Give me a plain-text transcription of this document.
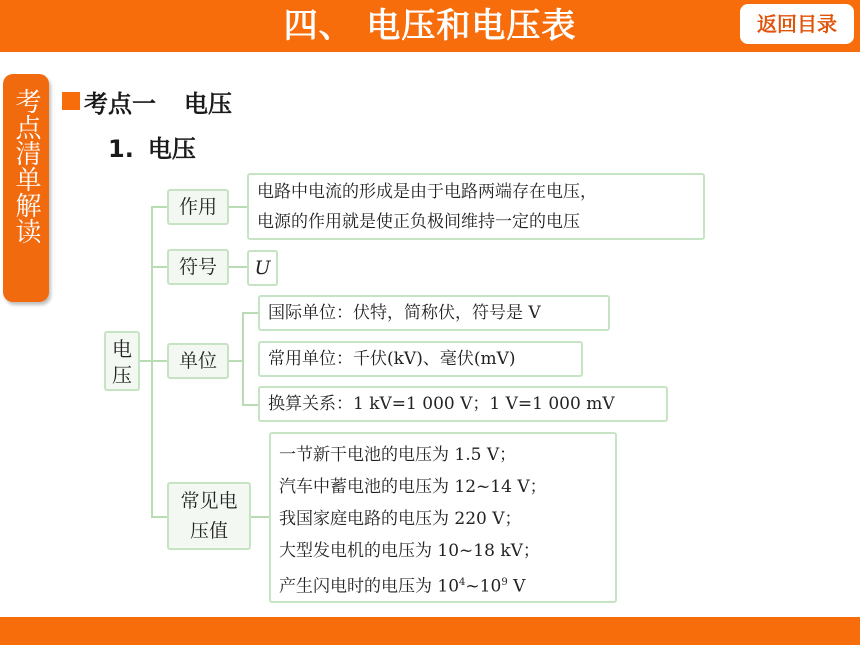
四、 电压和电压表	返回目录
考点清单解读	考点一 电压
1. 电压
电压
作用
电路中电流的形成是由于电路两端存在电压，
电源的作用就是使正负极间维持一定的电压
符号	U
单位
国际单位：伏特，简称伏，符号是 V
常用单位：千伏(kV)、毫伏(mV)
换算关系：1 kV=1 000 V；1 V=1 000 mV
常见电
压值
一节新干电池的电压为 1.5 V；
汽车中蓄电池的电压为 12~14 V；
我国家庭电路的电压为 220 V；
大型发电机的电压为 10~18 kV；
产生闪电时的电压为 $10^4\sim 10^9$ V
